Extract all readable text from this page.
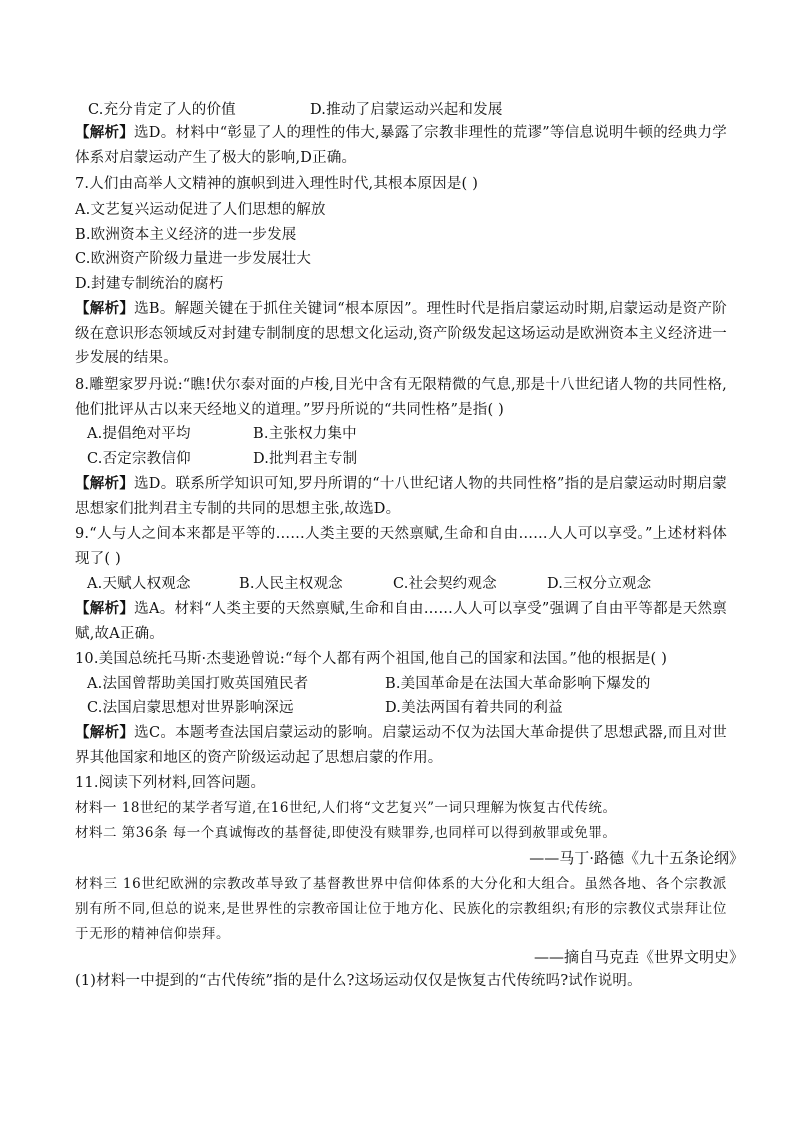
C.充分肯定了人的价值	D.推动了启蒙运动兴起和发展
【解析】选D。材料中“彰显了人的理性的伟大,暴露了宗教非理性的荒谬”等信息说明牛顿的经典力学体系对启蒙运动产生了极大的影响,D正确。
7.人们由高举人文精神的旗帜到进入理性时代,其根本原因是( )
A.文艺复兴运动促进了人们思想的解放
B.欧洲资本主义经济的进一步发展
C.欧洲资产阶级力量进一步发展壮大
D.封建专制统治的腐朽
【解析】选B。解题关键在于抓住关键词“根本原因”。理性时代是指启蒙运动时期,启蒙运动是资产阶级在意识形态领域反对封建专制制度的思想文化运动,资产阶级发起这场运动是欧洲资本主义经济进一步发展的结果。
8.雕塑家罗丹说:“瞧!伏尔泰对面的卢梭,目光中含有无限精微的气息,那是十八世纪诸人物的共同性格,他们批评从古以来天经地义的道理。”罗丹所说的“共同性格”是指( )
A.提倡绝对平均	B.主张权力集中
C.否定宗教信仰	D.批判君主专制
【解析】选D。联系所学知识可知,罗丹所谓的“十八世纪诸人物的共同性格”指的是启蒙运动时期启蒙思想家们批判君主专制的共同的思想主张,故选D。
9.“人与人之间本来都是平等的……人类主要的天然禀赋,生命和自由……人人可以享受。”上述材料体现了( )
A.天赋人权观念	B.人民主权观念	C.社会契约观念	D.三权分立观念
【解析】选A。材料“人类主要的天然禀赋,生命和自由……人人可以享受”强调了自由平等都是天然禀赋,故A正确。
10.美国总统托马斯·杰斐逊曾说:“每个人都有两个祖国,他自己的国家和法国。”他的根据是( )
A.法国曾帮助美国打败英国殖民者	B.美国革命是在法国大革命影响下爆发的
C.法国启蒙思想对世界影响深远	D.美法两国有着共同的利益
【解析】选C。本题考查法国启蒙运动的影响。启蒙运动不仅为法国大革命提供了思想武器,而且对世界其他国家和地区的资产阶级运动起了思想启蒙的作用。
11.阅读下列材料,回答问题。
材料一 18世纪的某学者写道,在16世纪,人们将“文艺复兴”一词只理解为恢复古代传统。
材料二 第36条 每一个真诚悔改的基督徒,即使没有赎罪券,也同样可以得到赦罪或免罪。
——马丁·路德《九十五条论纲》
材料三 16世纪欧洲的宗教改革导致了基督教世界中信仰体系的大分化和大组合。虽然各地、各个宗教派别有所不同,但总的说来,是世界性的宗教帝国让位于地方化、民族化的宗教组织;有形的宗教仪式崇拜让位于无形的精神信仰崇拜。
——摘自马克垚《世界文明史》
(1)材料一中提到的“古代传统”指的是什么?这场运动仅仅是恢复古代传统吗?试作说明。
